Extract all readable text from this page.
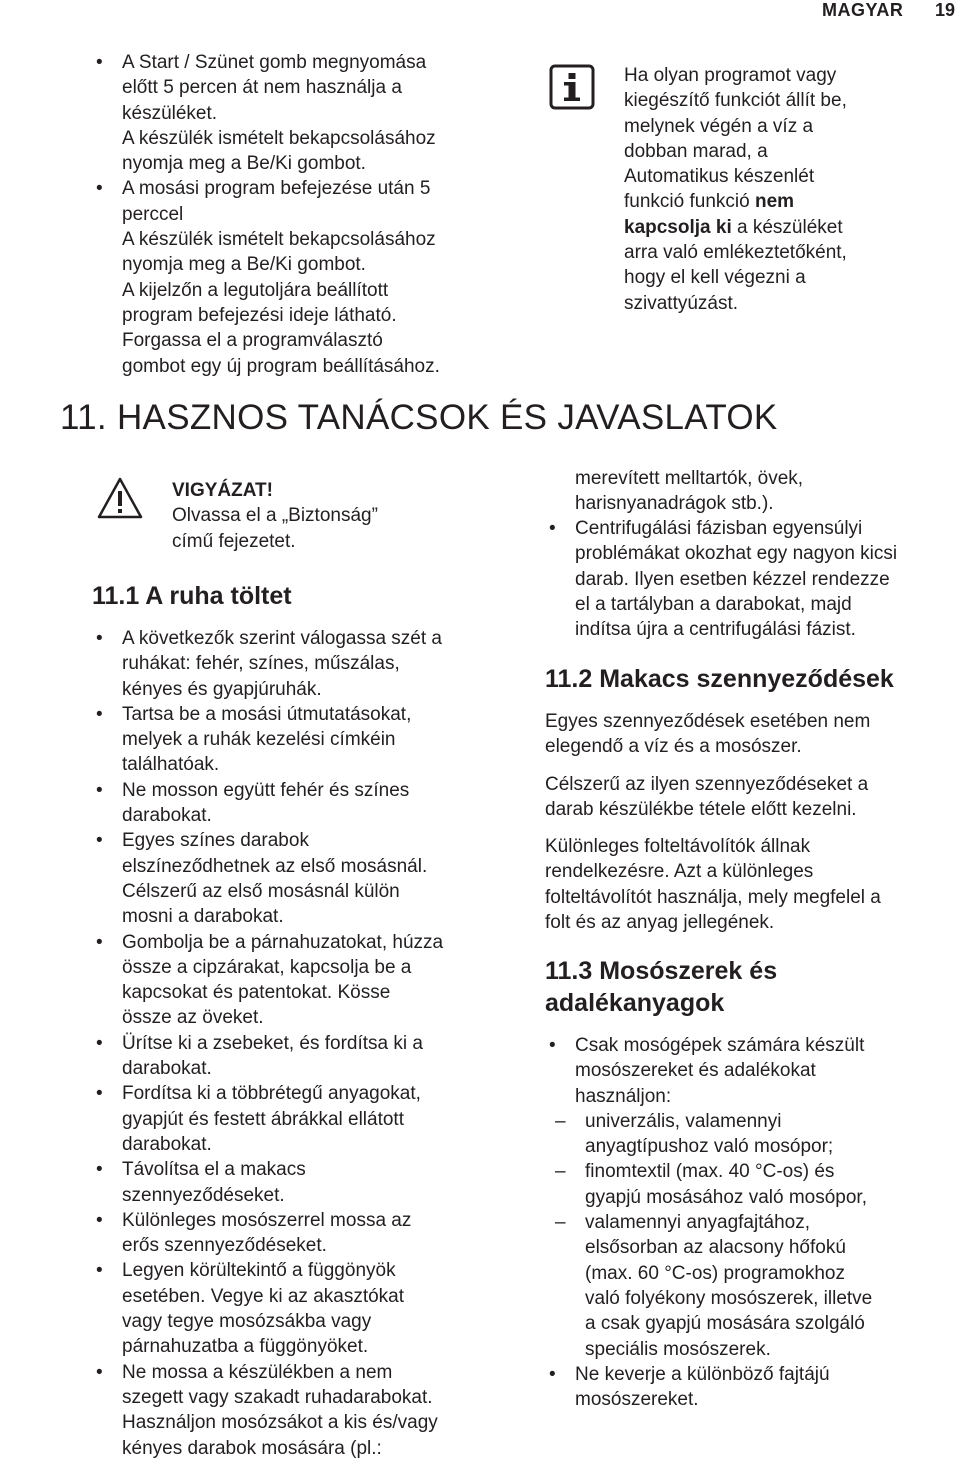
MAGYAR 19
• A Start / Szünet gomb megnyomása
előtt 5 percen át nem használja a
készüléket.
A készülék ismételt bekapcsolásához
nyomja meg a Be/Ki gombot.
• A mosási program befejezése után 5
perccel
A készülék ismételt bekapcsolásához
nyomja meg a Be/Ki gombot.
A kijelzőn a legutoljára beállított
program befejezési ideje látható.
Forgassa el a programválasztó
gombot egy új program beállításához.
Ha olyan programot vagy
kiegészítő funkciót állít be,
melynek végén a víz a
dobban marad, a
Automatikus készenlét
funkció funkció nem
kapcsolja ki a készüléket
arra való emlékeztetőként,
hogy el kell végezni a
szivattyúzást.
11. HASZNOS TANÁCSOK ÉS JAVASLATOK
VIGYÁZAT!
Olvassa el a „Biztonság”
című fejezetet.
11.1 A ruha töltet
• A következők szerint válogassa szét a
ruhákat: fehér, színes, műszálas,
kényes és gyapjúruhák.
• Tartsa be a mosási útmutatásokat,
melyek a ruhák kezelési címkéin
találhatóak.
• Ne mosson együtt fehér és színes
darabokat.
• Egyes színes darabok
elszíneződhetnek az első mosásnál.
Célszerű az első mosásnál külön
mosni a darabokat.
• Gombolja be a párnahuzatokat, húzza
össze a cipzárakat, kapcsolja be a
kapcsokat és patentokat. Kösse
össze az öveket.
• Ürítse ki a zsebeket, és fordítsa ki a
darabokat.
• Fordítsa ki a többrétegű anyagokat,
gyapjút és festett ábrákkal ellátott
darabokat.
• Távolítsa el a makacs
szennyeződéseket.
• Különleges mosószerrel mossa az
erős szennyeződéseket.
• Legyen körültekintő a függönyök
esetében. Vegye ki az akasztókat
vagy tegye mosózsákba vagy
párnahuzatba a függönyöket.
• Ne mossa a készülékben a nem
szegett vagy szakadt ruhadarabokat.
Használjon mosózsákot a kis és/vagy
kényes darabok mosására (pl.:
merevített melltartók, övek,
harisnyanadrágok stb.).
• Centrifugálási fázisban egyensúlyi
problémákat okozhat egy nagyon kicsi
darab. Ilyen esetben kézzel rendezze
el a tartályban a darabokat, majd
indítsa újra a centrifugálási fázist.
11.2 Makacs szennyeződések

Egyes szennyeződések esetében nem
elegendő a víz és a mosószer.

Célszerű az ilyen szennyeződéseket a
darab készülékbe tétele előtt kezelni.

Különleges folteltávolítók állnak
rendelkezésre. Azt a különleges
folteltávolítót használja, mely megfelel a
folt és az anyag jellegének.

11.3 Mosószerek és
adalékanyagok
• Csak mosógépek számára készült
mosószereket és adalékokat
használjon:
– univerzális, valamennyi
anyagtípushoz való mosópor;
– finomtextil (max. 40 °C-os) és
gyapjú mosásához való mosópor,
– valamennyi anyagfajtához,
elsősorban az alacsony hőfokú
(max. 60 °C-os) programokhoz
való folyékony mosószerek, illetve
a csak gyapjú mosására szolgáló
speciális mosószerek.
• Ne keverje a különböző fajtájú
mosószereket.
